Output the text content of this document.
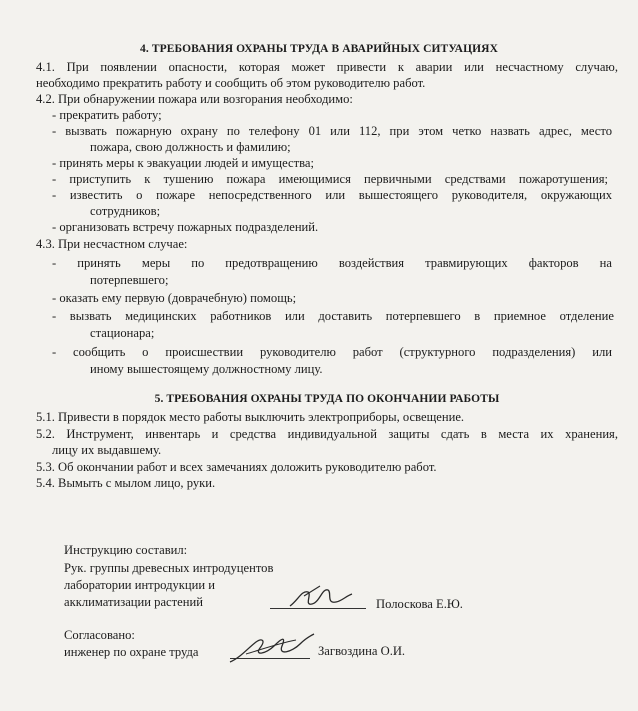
4. ТРЕБОВАНИЯ ОХРАНЫ ТРУДА В АВАРИЙНЫХ СИТУАЦИЯХ
4.1. При появлении опасности, которая может привести к аварии или несчастному случаю,
необходимо прекратить работу и сообщить об этом руководителю работ.
4.2. При обнаружении пожара или возгорания необходимо:
- прекратить работу;
- вызвать пожарную охрану по телефону 01 или 112, при этом четко назвать адрес, место
пожара, свою должность и фамилию;
- принять меры к эвакуации людей и имущества;
- приступить к тушению пожара имеющимися первичными средствами пожаротушения;
- известить о пожаре непосредственного или вышестоящего руководителя, окружающих
сотрудников;
- организовать встречу пожарных подразделений.
4.3. При несчастном случае:
- принять меры по предотвращению воздействия травмирующих факторов на
потерпевшего;
- оказать ему первую (доврачебную) помощь;
- вызвать медицинских работников или доставить потерпевшего в приемное отделение
стационара;
- сообщить о происшествии руководителю работ (структурного подразделения) или
иному вышестоящему должностному лицу.
5. ТРЕБОВАНИЯ ОХРАНЫ ТРУДА ПО ОКОНЧАНИИ РАБОТЫ
5.1. Привести в порядок место работы выключить электроприборы, освещение.
5.2. Инструмент, инвентарь и средства индивидуальной защиты сдать в места их хранения,
лицу их выдавшему.
5.3. Об окончании работ и всех замечаниях доложить руководителю работ.
5.4. Вымыть с мылом лицо, руки.
Инструкцию составил:
Рук. группы древесных интродуцентов
лаборатории интродукции и
акклиматизации растений	Полоскова Е.Ю.
Согласовано:
инженер по охране труда	Загвоздина О.И.
